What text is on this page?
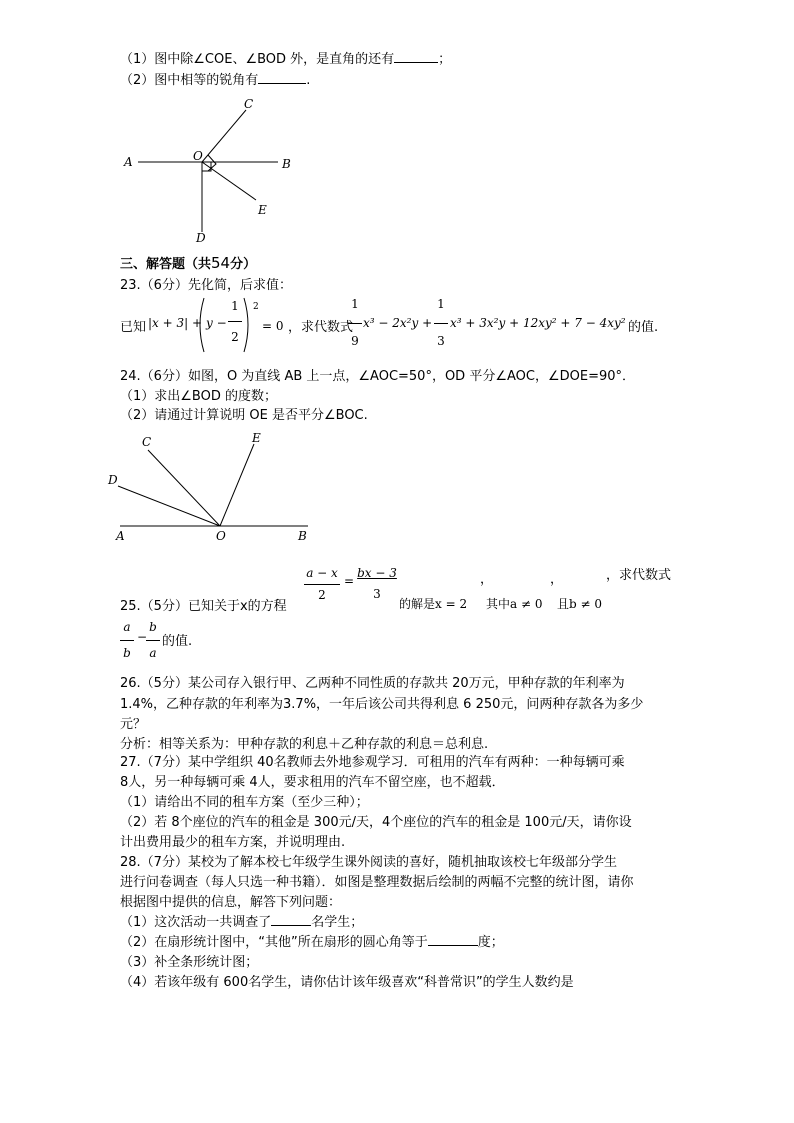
（1）图中除∠COE、∠BOD 外，是直角的还有	；
（2）图中相等的锐角有	.
A	B
C
D
E
O
三、解答题（共54分）
23.（6分）先化简，后求值：
已知 $|x + 3| + y - \frac{1}{2} 2$
= 0 ，求代数式
$\frac{1}{9} x^3 - 2x^2y + \frac{1}{3} x^3 + 3x^2y + 12xy^2 + 7 - 4xy^2$ 的值.
24.（6分）如图，O 为直线 AB 上一点，∠AOC=50°，OD 平分∠AOC，∠DOE=90°．
（1）求出∠BOD 的度数；
（2）请通过计算说明 OE 是否平分∠BOC.
A	B
C
D
E
O
$\frac{a - x}{2} = \frac{bx - 3}{3}$	，	，	，求代数式
25.（5分）已知关于x的方程	的解是x = 2 其中a ≠ 0 且b ≠ 0
$\frac{a}{b}$ −
$\frac{b}{a}$ 的值.
26.（5分）某公司存入银行甲、乙两种不同性质的存款共 20万元，甲种存款的年利率为
1.4%，乙种存款的年利率为3.7%，一年后该公司共得利息 6 250元，问两种存款各为多少
元？
分析：相等关系为：甲种存款的利息＋乙种存款的利息＝总利息.
27.（7分）某中学组织 40名教师去外地参观学习．可租用的汽车有两种：一种每辆可乘
8人，另一种每辆可乘 4人，要求租用的汽车不留空座，也不超载．
（1）请给出不同的租车方案（至少三种）；
（2）若 8个座位的汽车的租金是 300元/天，4个座位的汽车的租金是 100元/天，请你设
计出费用最少的租车方案，并说明理由.
28.（7分）某校为了解本校七年级学生课外阅读的喜好，随机抽取该校七年级部分学生
进行问卷调查（每人只选一种书籍）．如图是整理数据后绘制的两幅不完整的统计图，请你
根据图中提供的信息，解答下列问题：
（1）这次活动一共调查了	名学生；
（2）在扇形统计图中，“其他”所在扇形的圆心角等于	度；
（3）补全条形统计图；
（4）若该年级有 600名学生，请你估计该年级喜欢“科普常识”的学生人数约是
